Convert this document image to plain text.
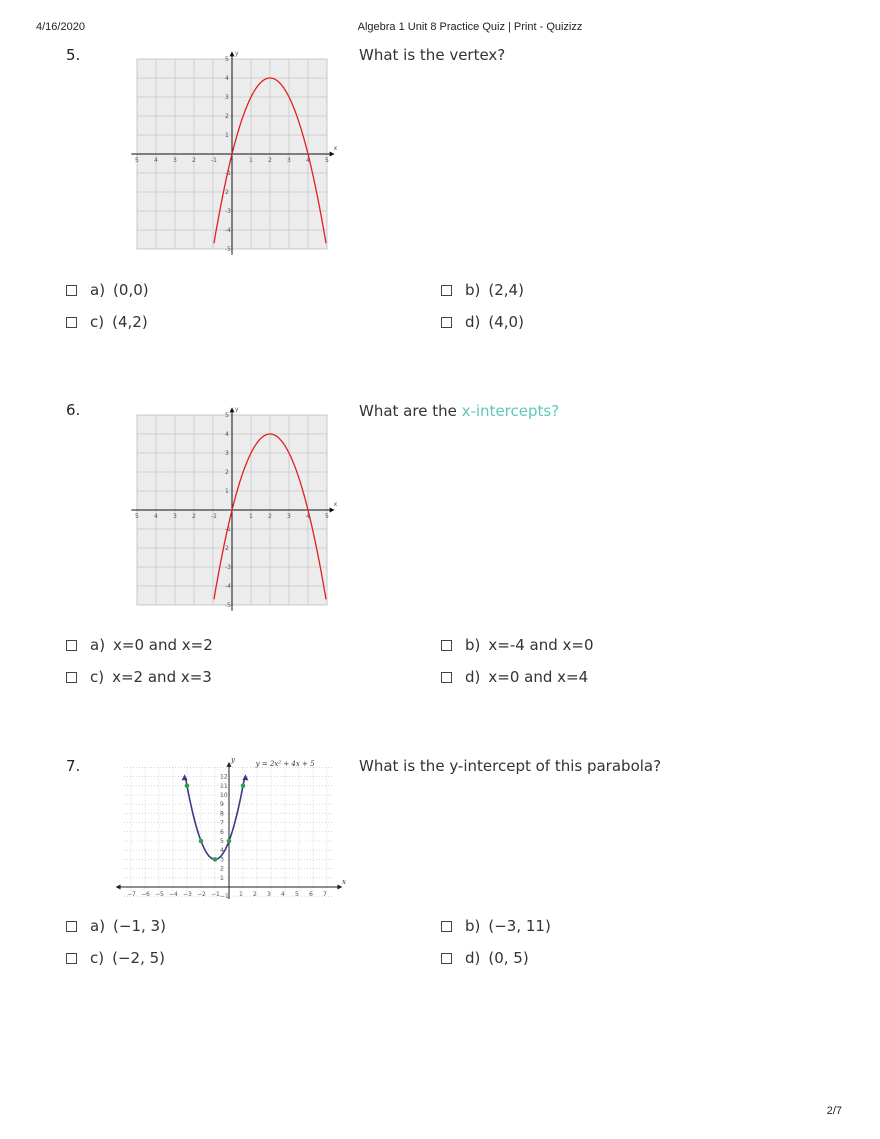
4/16/2020	Algebra 1 Unit 8 Practice Quiz | Print - Quizizz
5.	What is the vertex?
x
y
5	4	3	2	-1	1	2	3	4	5
5
4
3
2
1
-1
2
-3
-4
-5
a) (0,0)	b) (2,4)
c) (4,2)	d) (4,0)
6.	What are the x-intercepts?
x
y
5	4	3	2	-1	1	2	3	4	5
5
4
3
2
1
-1
2
-3
-4
-5
a) x=0 and x=2	b) x=-4 and x=0
c) x=2 and x=3	d) x=0 and x=4
7.	What is the y-intercept of this parabola?
x
y
−7 −6 −5 −4 −3 −2 −1	1 2 3 4 5 6 7
12
11
10
9
8
7
6
5
4
3
2
1
−1
y = 2x² + 4x + 5
a) (−1, 3)	b) (−3, 11)
c) (−2, 5)	d) (0, 5)
2/7
